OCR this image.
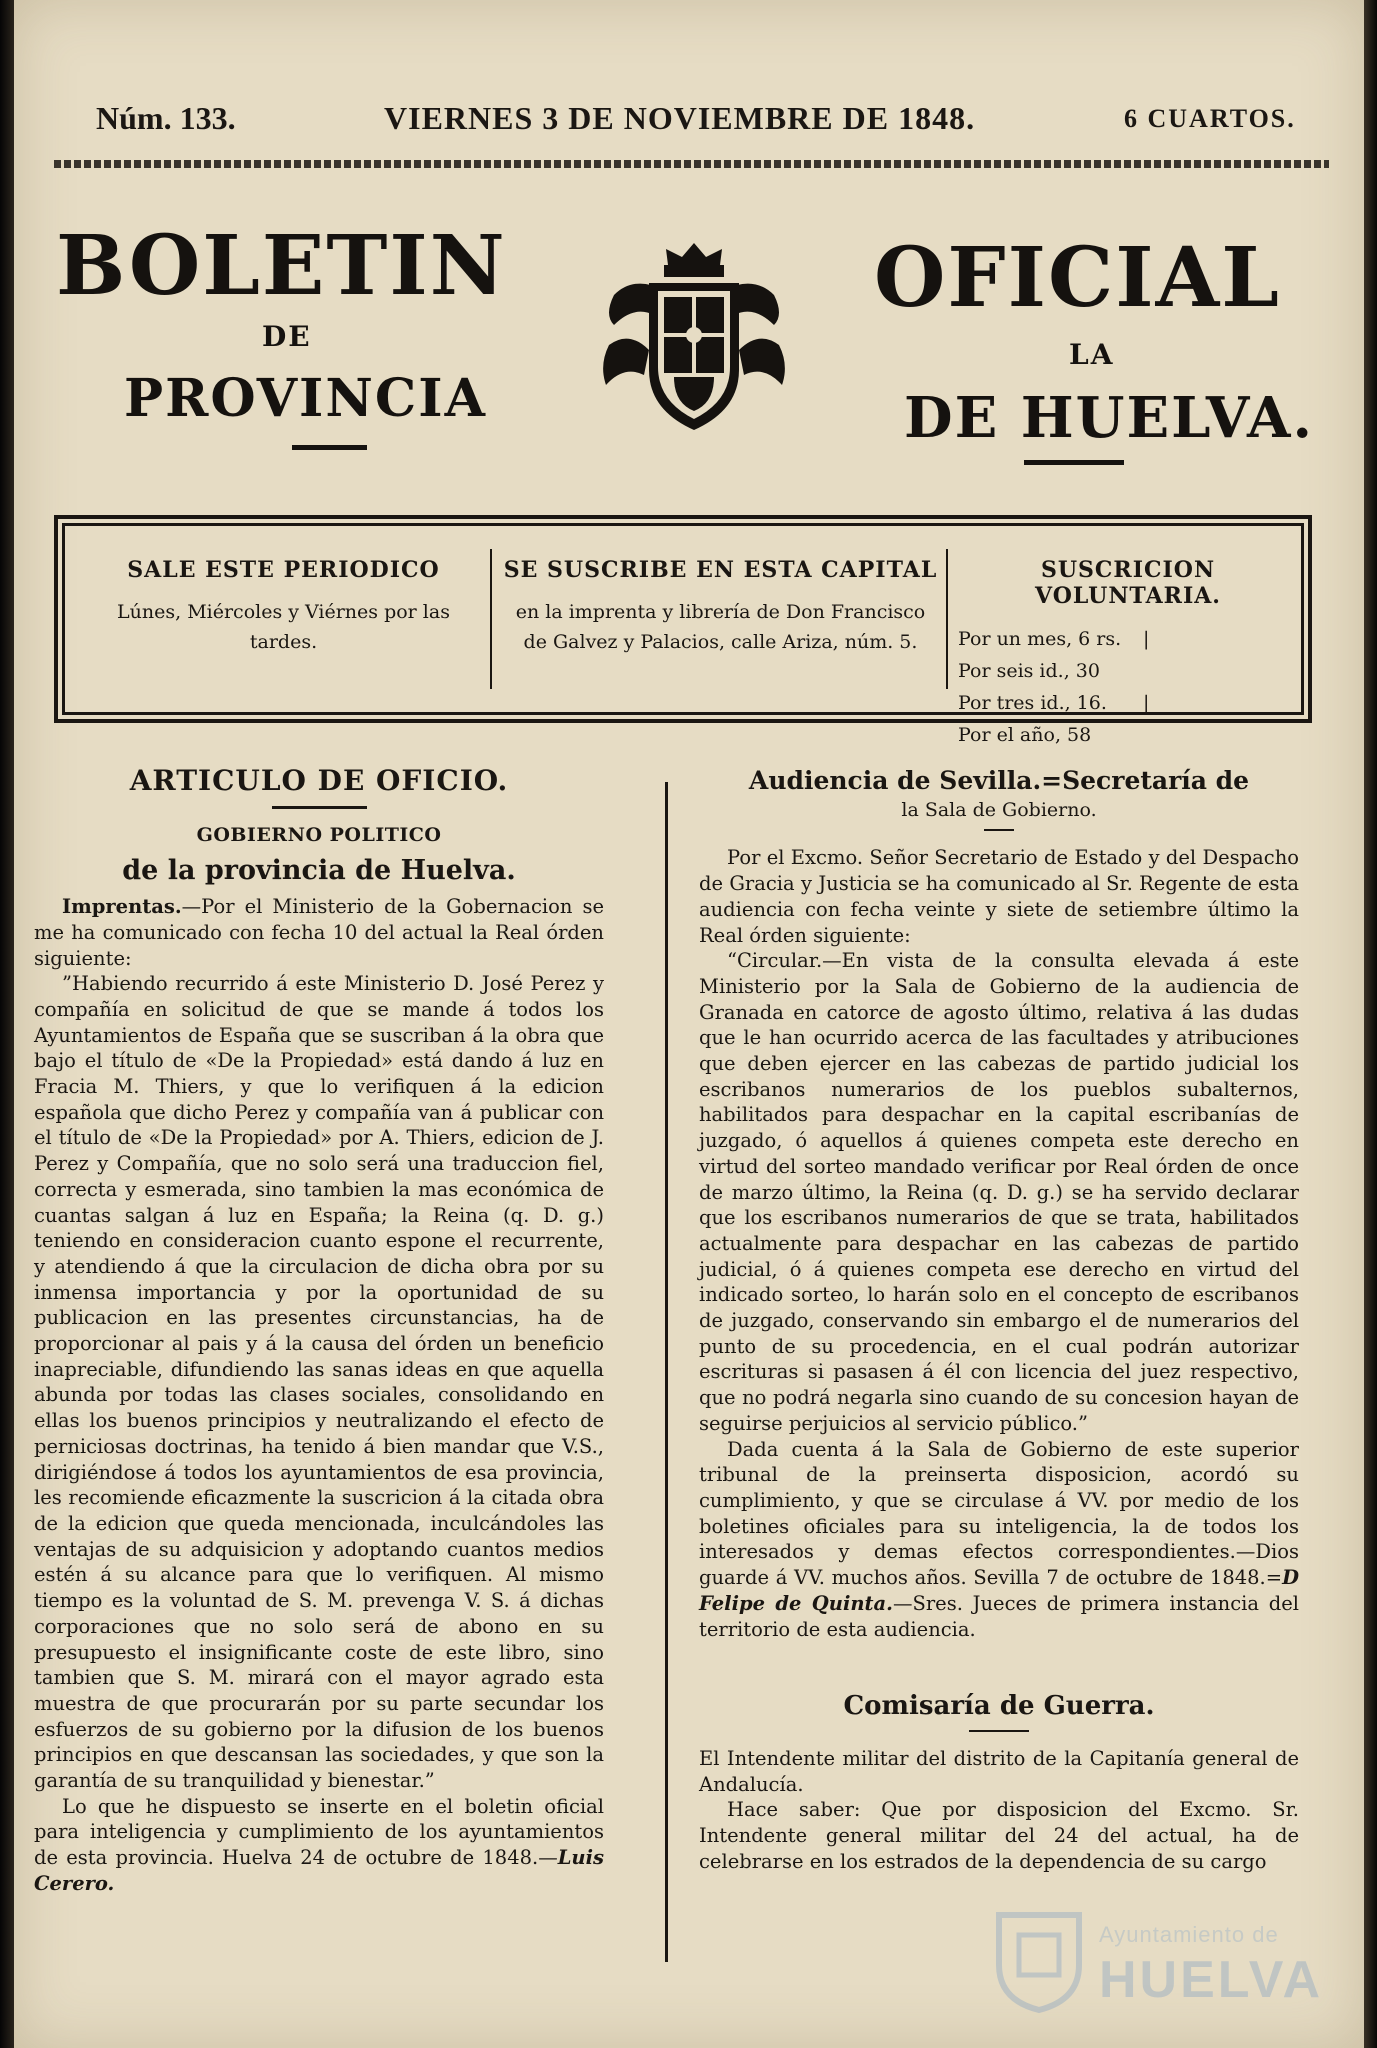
Núm. 133.	VIERNES 3 DE NOVIEMBRE DE 1848.	6 CUARTOS.
BOLETIN
DE
PROVINCIA
OFICIAL
LA
DE HUELVA.
SALE ESTE PERIODICO

Lúnes, Miércoles y Viérnes por las tardes.

SE SUSCRIBE EN ESTA CAPITAL

en la imprenta y librería de Don Francisco de Galvez y Palacios, calle Ariza, núm. 5.

SUSCRICION VOLUNTARIA.
Por un mes, 6 rs. |Por seis id., 30
Por tres id., 16. |Por el año, 58
ARTICULO DE OFICIO.
GOBIERNO POLITICO
de la provincia de Huelva.

Imprentas.—Por el Ministerio de la Gobernacion se me ha comunicado con fecha 10 del actual la Real órden siguiente:

”Habiendo recurrido á este Ministerio D. José Perez y compañía en solicitud de que se mande á todos los Ayuntamientos de España que se suscriban á la obra que bajo el título de «De la Propiedad» está dando á luz en Fracia M. Thiers, y que lo verifiquen á la edicion española que dicho Perez y compañía van á publicar con el título de «De la Propiedad» por A. Thiers, edicion de J. Perez y Compañía, que no solo será una traduccion fiel, correcta y esmerada, sino tambien la mas económica de cuantas salgan á luz en España; la Reina (q. D. g.) teniendo en consideracion cuanto espone el recurrente, y atendiendo á que la circulacion de dicha obra por su inmensa importancia y por la oportunidad de su publicacion en las presentes circunstancias, ha de proporcionar al pais y á la causa del órden un beneficio inapreciable, difundiendo las sanas ideas en que aquella abunda por todas las clases sociales, consolidando en ellas los buenos principios y neutralizando el efecto de perniciosas doctrinas, ha tenido á bien mandar que V.S., dirigiéndose á todos los ayuntamientos de esa provincia, les recomiende eficazmente la suscricion á la citada obra de la edicion que queda mencionada, inculcándoles las ventajas de su adquisicion y adoptando cuantos medios estén á su alcance para que lo verifiquen. Al mismo tiempo es la voluntad de S. M. prevenga V. S. á dichas corporaciones que no solo será de abono en su presupuesto el insignificante coste de este libro, sino tambien que S. M. mirará con el mayor agrado esta muestra de que procurarán por su parte secundar los esfuerzos de su gobierno por la difusion de los buenos principios en que descansan las sociedades, y que son la garantía de su tranquilidad y bienestar.”

Lo que he dispuesto se inserte en el boletin oficial para inteligencia y cumplimiento de los ayuntamientos de esta provincia. Huelva 24 de octubre de 1848.—Luis Cerero.

Audiencia de Sevilla.=Secretaría de
la Sala de Gobierno.

Por el Excmo. Señor Secretario de Estado y del Despacho de Gracia y Justicia se ha comunicado al Sr. Regente de esta audiencia con fecha veinte y siete de setiembre último la Real órden siguiente:

“Circular.—En vista de la consulta elevada á este Ministerio por la Sala de Gobierno de la audiencia de Granada en catorce de agosto último, relativa á las dudas que le han ocurrido acerca de las facultades y atribuciones que deben ejercer en las cabezas de partido judicial los escribanos numerarios de los pueblos subalternos, habilitados para despachar en la capital escribanías de juzgado, ó aquellos á quienes competa este derecho en virtud del sorteo mandado verificar por Real órden de once de marzo último, la Reina (q. D. g.) se ha servido declarar que los escribanos numerarios de que se trata, habilitados actualmente para despachar en las cabezas de partido judicial, ó á quienes competa ese derecho en virtud del indicado sorteo, lo harán solo en el concepto de escribanos de juzgado, conservando sin embargo el de numerarios del punto de su procedencia, en el cual podrán autorizar escrituras si pasasen á él con licencia del juez respectivo, que no podrá negarla sino cuando de su concesion hayan de seguirse perjuicios al servicio público.”

Dada cuenta á la Sala de Gobierno de este superior tribunal de la preinserta disposicion, acordó su cumplimiento, y que se circulase á VV. por medio de los boletines oficiales para su inteligencia, la de todos los interesados y demas efectos correspondientes.—Dios guarde á VV. muchos años. Sevilla 7 de octubre de 1848.=D Felipe de Quinta.—Sres. Jueces de primera instancia del territorio de esta audiencia.

Comisaría de Guerra.

El Intendente militar del distrito de la Capitanía general de Andalucía.

Hace saber: Que por disposicion del Excmo. Sr. Intendente general militar del 24 del actual, ha de celebrarse en los estrados de la dependencia de su cargo

Ayuntamiento de
HUELVA
